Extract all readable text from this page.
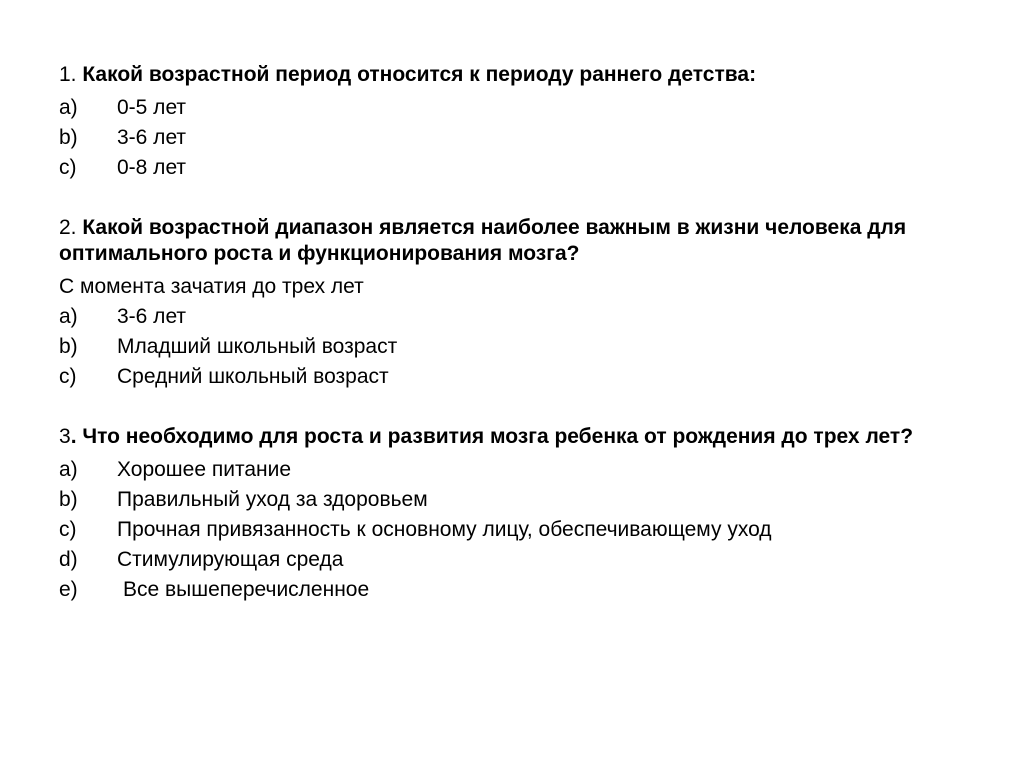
1. Какой возрастной период относится к периоду раннего детства:
a)	0-5 лет
b)	3-6 лет
c)	0-8 лет
2. Какой возрастной диапазон является наиболее важным в жизни человека для оптимального роста и функционирования мозга?
С момента зачатия до трех лет
a)	3-6 лет
b)	Младший школьный возраст
c)	Средний школьный возраст
3. Что необходимо для роста и развития мозга ребенка от рождения до трех лет?
a)	Хорошее питание
b)	Правильный уход за здоровьем
c)	Прочная привязанность к основному лицу, обеспечивающему уход
d)	Стимулирующая среда
e)	Все вышеперечисленное
